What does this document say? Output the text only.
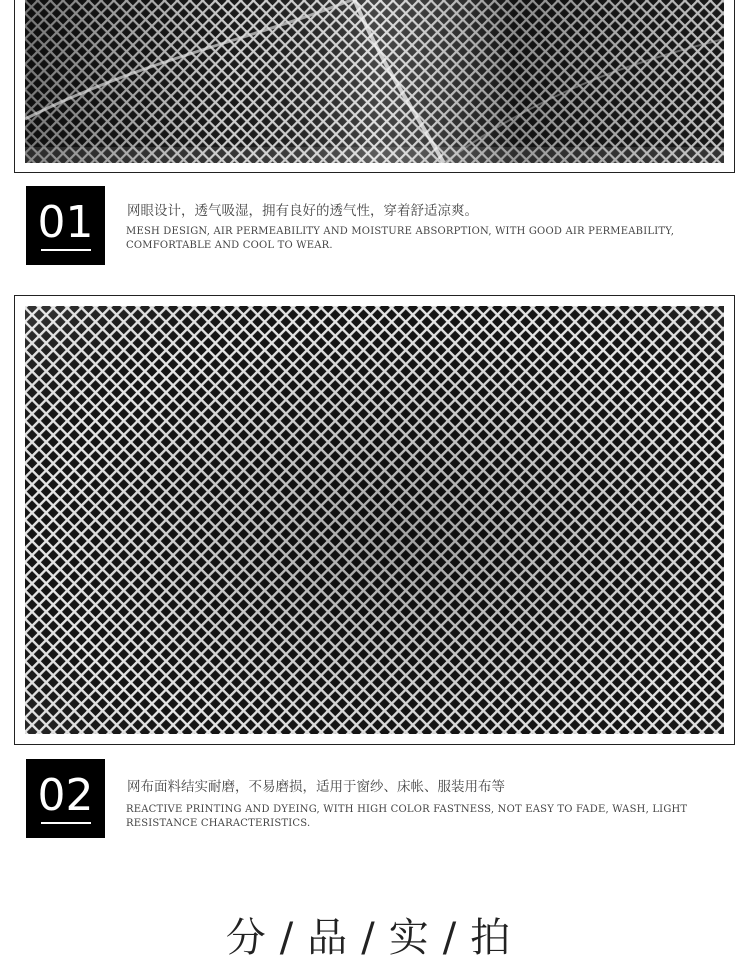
01 网眼设计，透气吸湿，拥有良好的透气性，穿着舒适凉爽。
MESH DESIGN, AIR PERMEABILITY AND MOISTURE ABSORPTION, WITH GOOD AIR PERMEABILITY, COMFORTABLE AND COOL TO WEAR.
02 网布面料结实耐磨，不易磨损，适用于窗纱、床帐、服装用布等
REACTIVE PRINTING AND DYEING, WITH HIGH COLOR FASTNESS, NOT EASY TO FADE, WASH, LIGHT RESISTANCE CHARACTERISTICS.
分/品/实/拍
